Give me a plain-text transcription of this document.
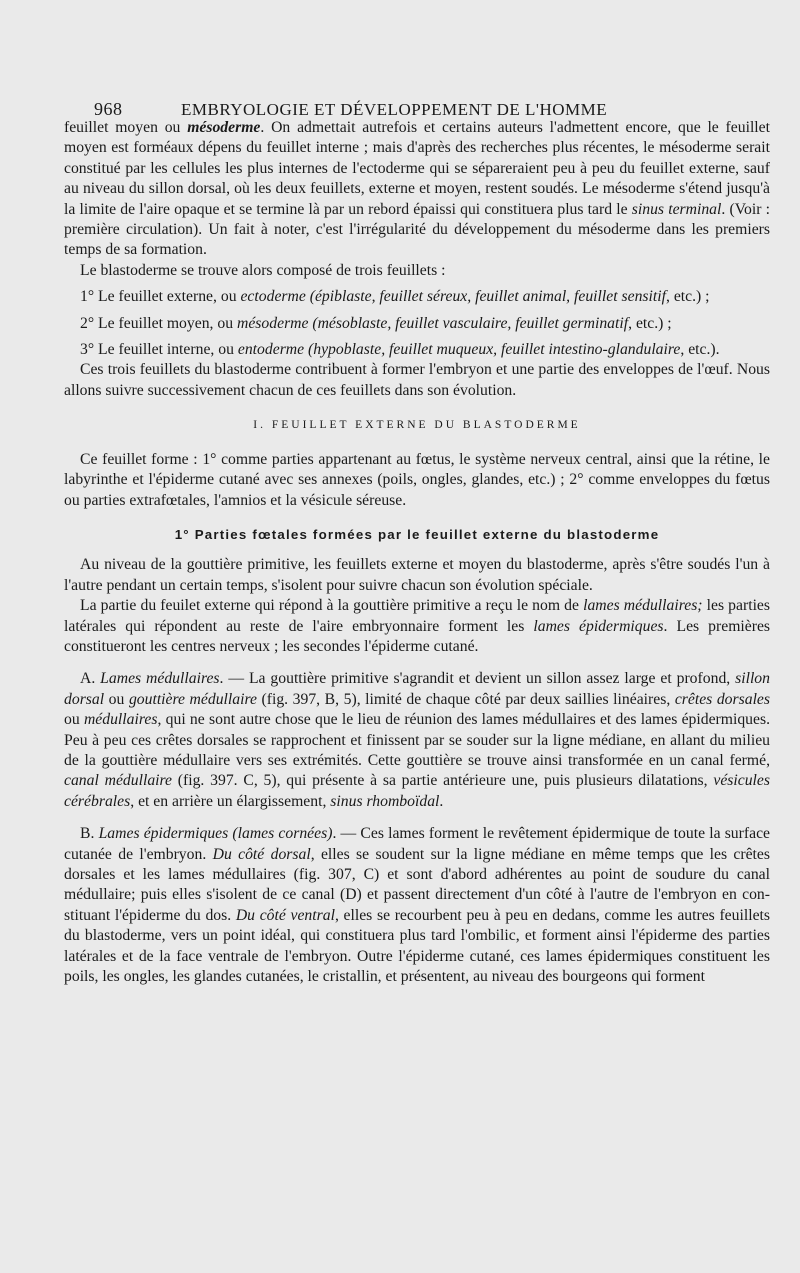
968	EMBRYOLOGIE ET DÉVELOPPEMENT DE L'HOMME

feuillet moyen ou mésoderme. On admettait autrefois et certains auteurs l'admettent encore, que le feuillet moyen est forméaux dépens du feuillet interne ; mais d'après des recherches plus récentes, le mésoderme serait constitué par les cellules les plus internes de l'ectoderme qui se sépareraient peu à peu du feuillet externe, sauf au niveau du sillon dorsal, où les deux feuillets, externe et moyen, restent soudés. Le mésoderme s'étend jusqu'à la limite de l'aire opaque et se termine là par un rebord épaissi qui constituera plus tard le sinus terminal. (Voir : première circulation). Un fait à noter, c'est l'irrégularité du développement du mésoderme dans les premiers temps de sa formation.

Le blastoderme se trouve alors composé de trois feuillets :

1° Le feuillet externe, ou ectoderme (épiblaste, feuillet séreux, feuillet animal, feuillet sensitif, etc.) ;

2° Le feuillet moyen, ou mésoderme (mésoblaste, feuillet vasculaire, feuillet germinatif, etc.) ;

3° Le feuillet interne, ou entoderme (hypoblaste, feuillet muqueux, feuillet intestino-glandulaire, etc.).

Ces trois feuillets du blastoderme contribuent à former l'embryon et une partie des enveloppes de l'œuf. Nous allons suivre successivement chacun de ces feuillets dans son évolution.

I. FEUILLET EXTERNE DU BLASTODERME

Ce feuillet forme : 1° comme parties appartenant au fœtus, le système nerveux central, ainsi que la rétine, le labyrinthe et l'épiderme cutané avec ses annexes (poils, ongles, glandes, etc.) ; 2° comme enveloppes du fœtus ou parties extrafœtales, l'amnios et la vésicule séreuse.

1° Parties fœtales formées par le feuillet externe du blastoderme

Au niveau de la gouttière primitive, les feuillets externe et moyen du blastoderme, après s'être soudés l'un à l'autre pendant un certain temps, s'isolent pour suivre chacun son évolution spéciale.

La partie du feuilet externe qui répond à la gouttière primitive a reçu le nom de lames médullaires; les parties latérales qui répondent au reste de l'aire embryonnaire forment les lames épidermiques. Les premières constitueront les centres nerveux ; les secondes l'épiderme cutané.

A. Lames médullaires. — La gouttière primitive s'agrandit et devient un sillon assez large et profond, sillon dorsal ou gouttière médullaire (fig. 397, B, 5), limité de chaque côté par deux saillies linéaires, crêtes dorsales ou médullaires, qui ne sont autre chose que le lieu de réunion des lames médullaires et des lames épidermiques. Peu à peu ces crêtes dorsales se rapprochent et finissent par se souder sur la ligne médiane, en allant du milieu de la gouttière médullaire vers ses extrémités. Cette gouttière se trouve ainsi transformée en un canal fermé, canal médullaire (fig. 397. C, 5), qui présente à sa partie antérieure une, puis plusieurs dilatations, vésicules cérébrales, et en arrière un élargissement, sinus rhomboïdal.

B. Lames épidermiques (lames cornées). — Ces lames forment le revêtement épidermique de toute la surface cutanée de l'embryon. Du côté dorsal, elles se soudent sur la ligne médiane en même temps que les crêtes dorsales et les lames médullaires (fig. 307, C) et sont d'abord adhérentes au point de soudure du canal médullaire; puis elles s'isolent de ce canal (D) et passent directement d'un côté à l'autre de l'embryon en constituant l'épiderme du dos. Du côté ventral, elles se recourbent peu à peu en dedans, comme les autres feuillets du blastoderme, vers un point idéal, qui constituera plus tard l'ombilic, et forment ainsi l'épiderme des parties latérales et de la face ventrale de l'embryon. Outre l'épiderme cutané, ces lames épidermiques constituent les poils, les ongles, les glandes cutanées, le cristallin, et présentent, au niveau des bourgeons qui forment
